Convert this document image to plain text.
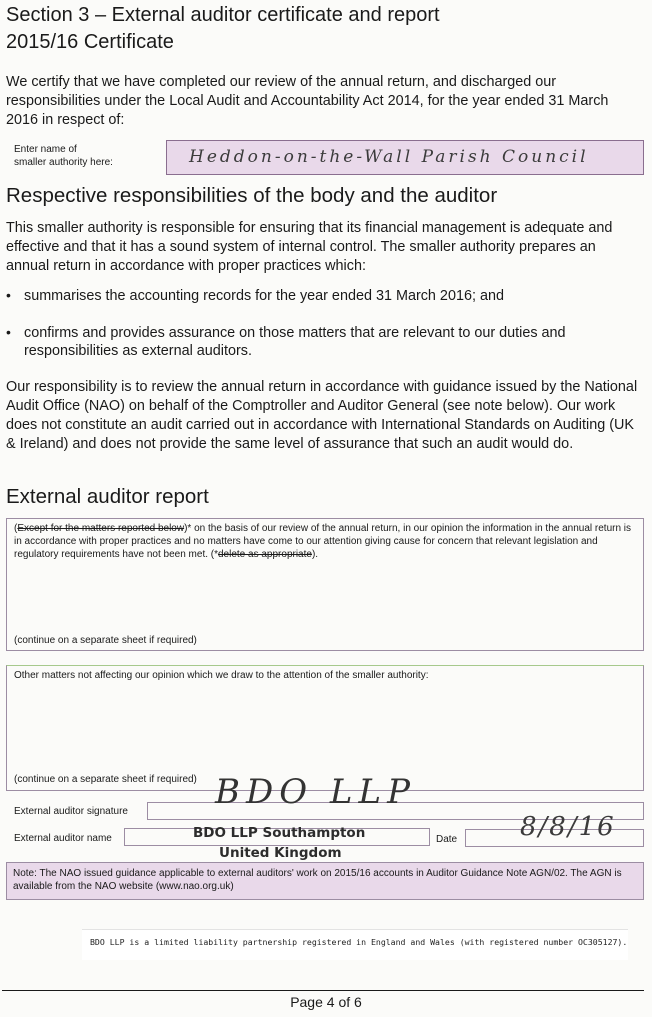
Section 3 – External auditor certificate and report
2015/16 Certificate
We certify that we have completed our review of the annual return, and discharged our responsibilities under the Local Audit and Accountability Act 2014, for the year ended 31 March 2016 in respect of:
Enter name of
smaller authority here:	Heddon-on-the-Wall Parish Council
Respective responsibilities of the body and the auditor
This smaller authority is responsible for ensuring that its financial management is adequate and effective and that it has a sound system of internal control. The smaller authority prepares an annual return in accordance with proper practices which:
• summarises the accounting records for the year ended 31 March 2016; and
• confirms and provides assurance on those matters that are relevant to our duties and responsibilities as external auditors.
Our responsibility is to review the annual return in accordance with guidance issued by the National Audit Office (NAO) on behalf of the Comptroller and Auditor General (see note below). Our work does not constitute an audit carried out in accordance with International Standards on Auditing (UK & Ireland) and does not provide the same level of assurance that such an audit would do.
External auditor report
(Except for the matters reported below)* on the basis of our review of the annual return, in our opinion the information in the annual return is in accordance with proper practices and no matters have come to our attention giving cause for concern that relevant legislation and regulatory requirements have not been met. (*delete as appropriate).
(continue on a separate sheet if required)
Other matters not affecting our opinion which we draw to the attention of the smaller authority:
(continue on a separate sheet if required)
External auditor signature	BDO LLP
External auditor name	BDO LLP Southampton
United Kingdom
Date 8/8/16
Note: The NAO issued guidance applicable to external auditors' work on 2015/16 accounts in Auditor Guidance Note AGN/02. The AGN is available from the NAO website (www.nao.org.uk)
BDO LLP is a limited liability partnership registered in England and Wales (with registered number OC305127).
Page 4 of 6
